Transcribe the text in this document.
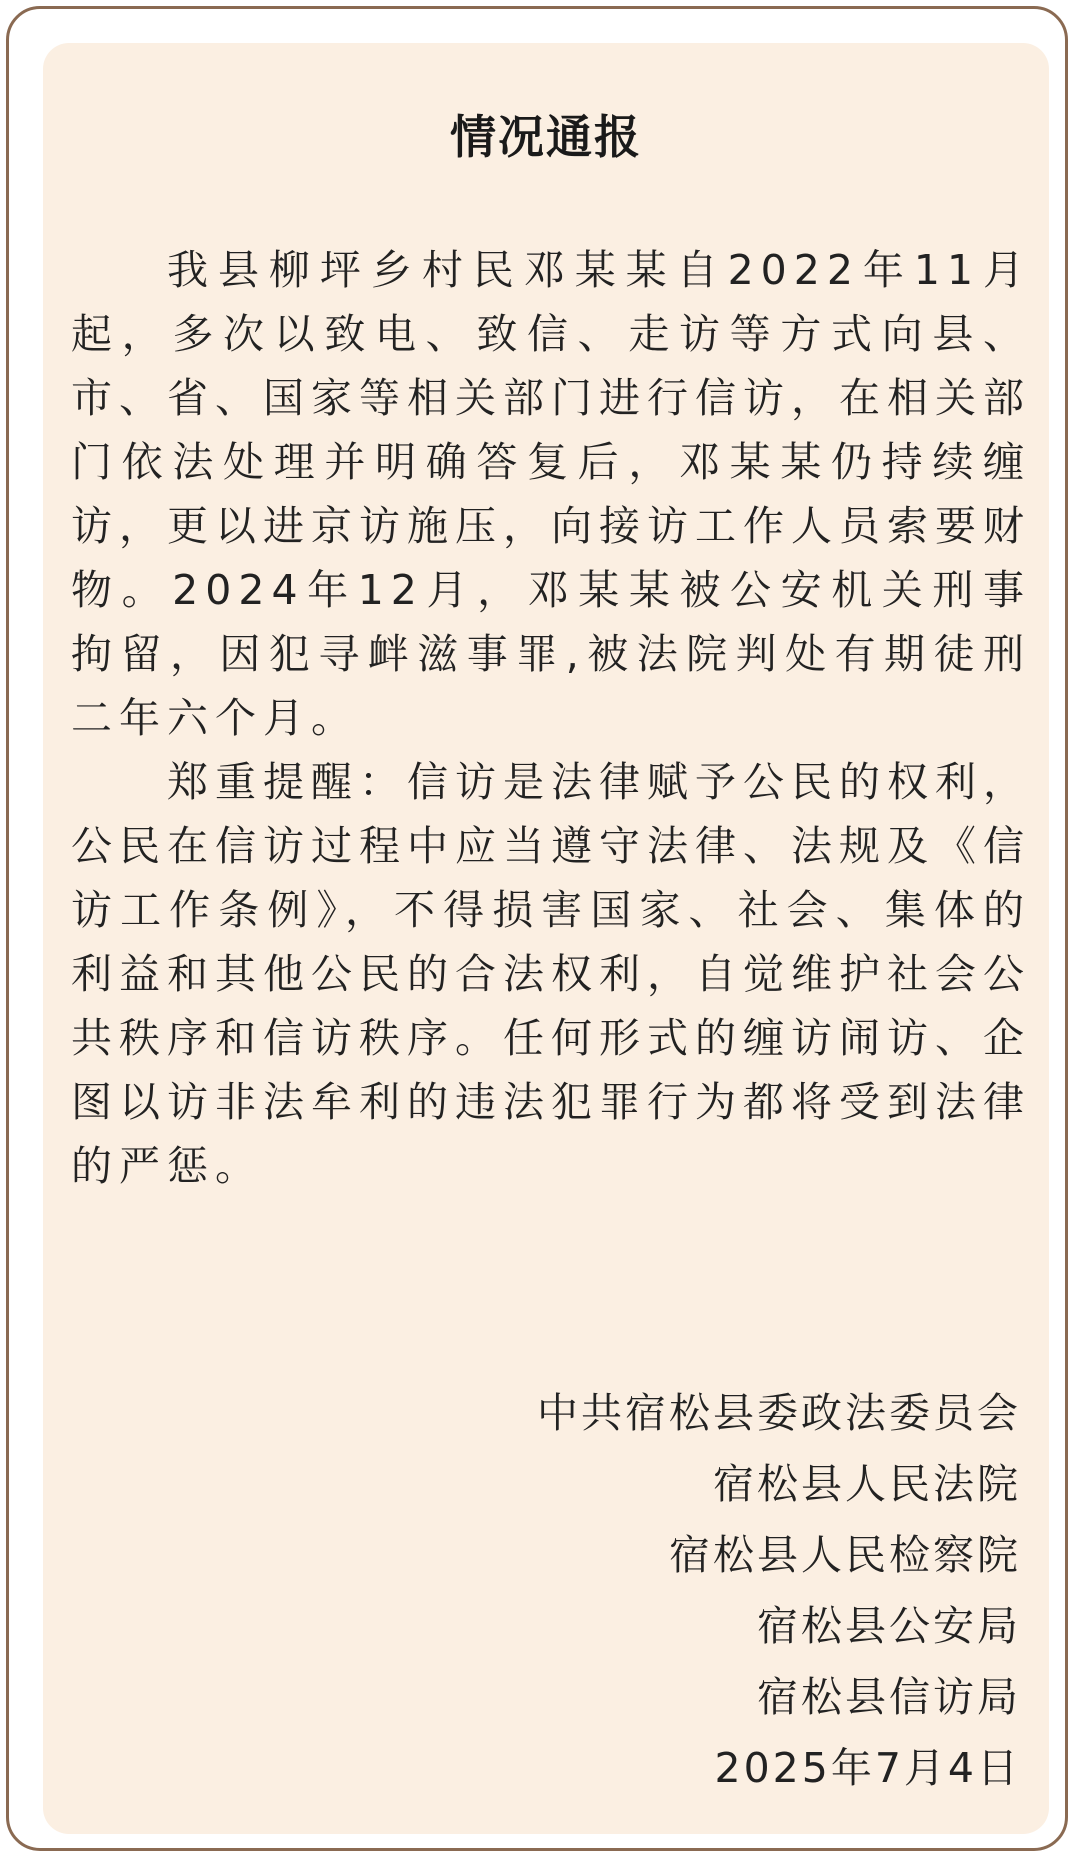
情况通报

我县柳坪乡村民邓某某自2022年11月起，多次以致电、致信、走访等方式向县、市、省、国家等相关部门进行信访，在相关部门依法处理并明确答复后，邓某某仍持续缠访，更以进京访施压，向接访工作人员索要财物。2024年12月，邓某某被公安机关刑事拘留，因犯寻衅滋事罪,被法院判处有期徒刑二年六个月。

郑重提醒：信访是法律赋予公民的权利，公民在信访过程中应当遵守法律、法规及《信访工作条例》，不得损害国家、社会、集体的利益和其他公民的合法权利，自觉维护社会公共秩序和信访秩序。任何形式的缠访闹访、企图以访非法牟利的违法犯罪行为都将受到法律的严惩。

中共宿松县委政法委员会
宿松县人民法院
宿松县人民检察院
宿松县公安局
宿松县信访局
2025年7月4日
